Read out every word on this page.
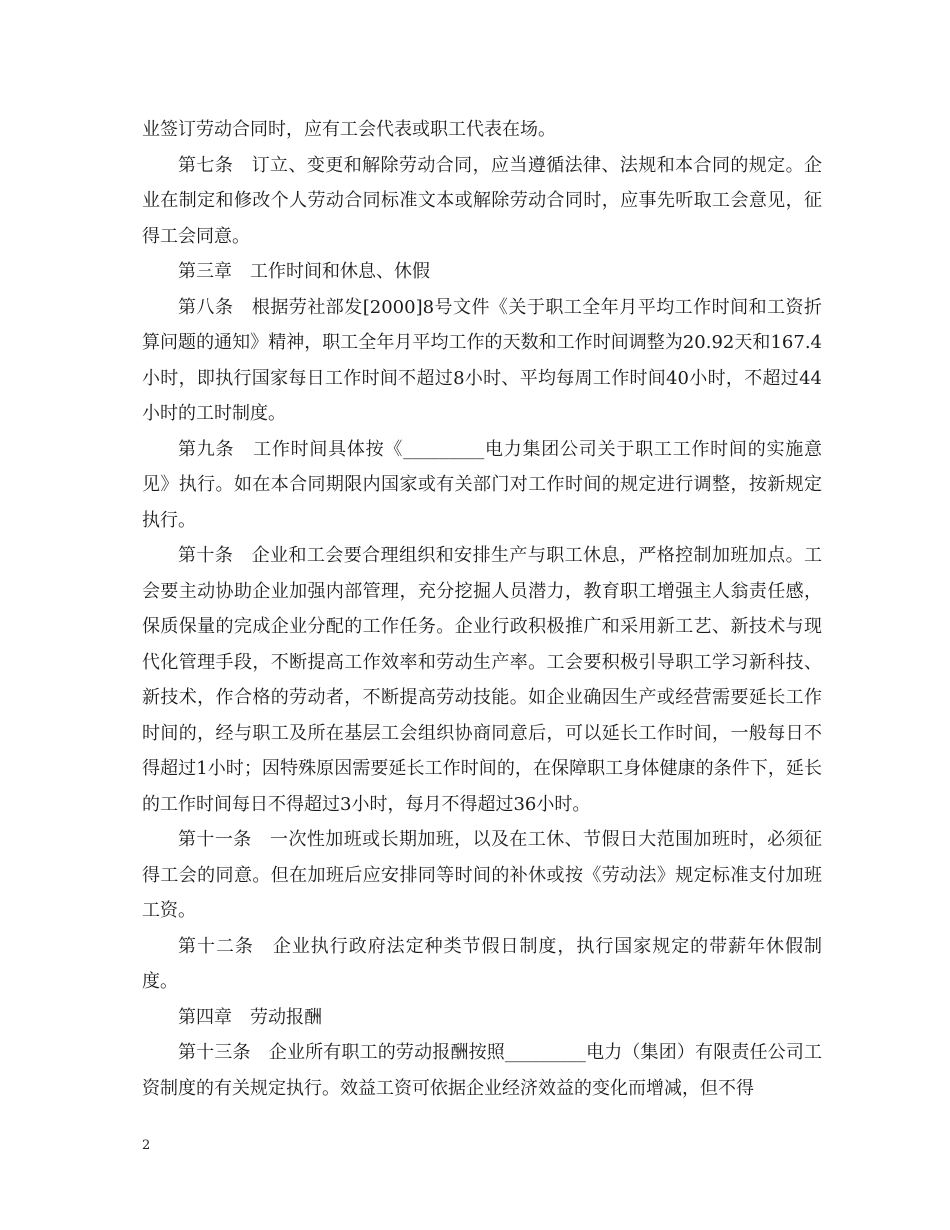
业签订劳动合同时，应有工会代表或职工代表在场。

第七条　订立、变更和解除劳动合同，应当遵循法律、法规和本合同的规定。企业在制定和修改个人劳动合同标准文本或解除劳动合同时，应事先听取工会意见，征得工会同意。

第三章　工作时间和休息、休假

第八条　根据劳社部发[2000]8号文件《关于职工全年月平均工作时间和工资折算问题的通知》精神，职工全年月平均工作的天数和工作时间调整为20.92天和167.4小时，即执行国家每日工作时间不超过8小时、平均每周工作时间40小时，不超过44小时的工时制度。

第九条　工作时间具体按《_________电力集团公司关于职工工作时间的实施意见》执行。如在本合同期限内国家或有关部门对工作时间的规定进行调整，按新规定执行。

第十条　企业和工会要合理组织和安排生产与职工休息，严格控制加班加点。工会要主动协助企业加强内部管理，充分挖掘人员潜力，教育职工增强主人翁责任感，保质保量的完成企业分配的工作任务。企业行政积极推广和采用新工艺、新技术与现代化管理手段，不断提高工作效率和劳动生产率。工会要积极引导职工学习新科技、新技术，作合格的劳动者，不断提高劳动技能。如企业确因生产或经营需要延长工作时间的，经与职工及所在基层工会组织协商同意后，可以延长工作时间，一般每日不得超过1小时；因特殊原因需要延长工作时间的，在保障职工身体健康的条件下，延长的工作时间每日不得超过3小时，每月不得超过36小时。

第十一条　一次性加班或长期加班，以及在工休、节假日大范围加班时，必须征得工会的同意。但在加班后应安排同等时间的补休或按《劳动法》规定标准支付加班工资。

第十二条　企业执行政府法定种类节假日制度，执行国家规定的带薪年休假制度。

第四章　劳动报酬

第十三条　企业所有职工的劳动报酬按照_________电力（集团）有限责任公司工资制度的有关规定执行。效益工资可依据企业经济效益的变化而增减，但不得

2
